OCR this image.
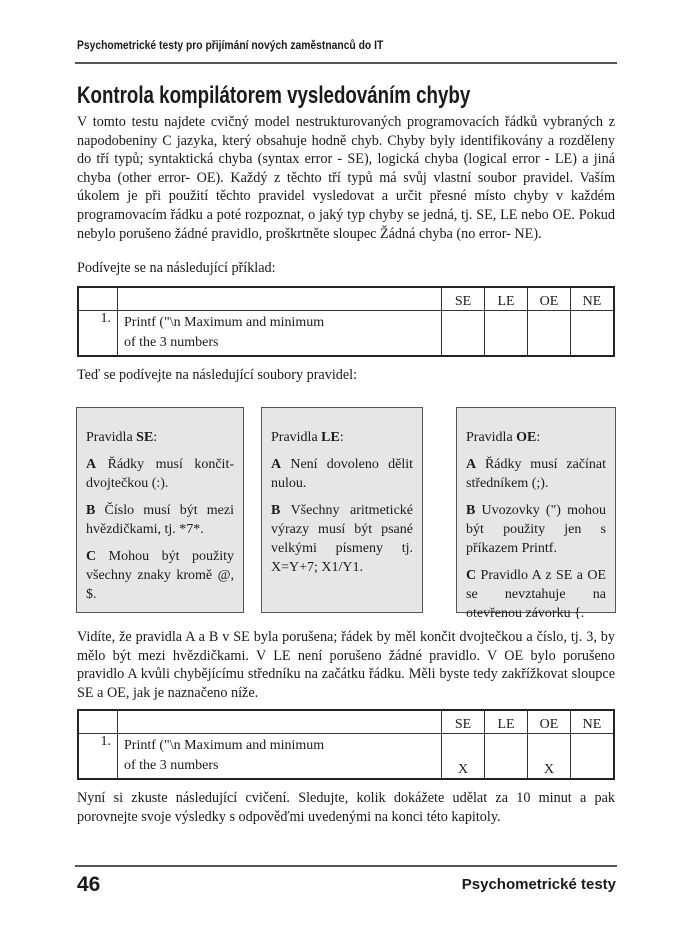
Psychometrické testy pro přijímání nových zaměstnanců do IT
Kontrola kompilátorem vysledováním chyby
V tomto testu najdete cvičný model nestrukturovaných programovacích řádků vybraných z napodobeniny C jazyka, který obsahuje hodně chyb. Chyby byly identifikovány a rozděleny do tří typů; syntaktická chyba (syntax error - SE), logická chyba (logical error - LE) a jiná chyba (other error- OE). Každý z těchto tří typů má svůj vlastní soubor pravidel. Vaším úkolem je při použití těchto pravidel vysledovat a určit přesné místo chyby v každém programovacím řádku a poté rozpoznat, o jaký typ chyby se jedná, tj. SE, LE nebo OE. Pokud nebylo porušeno žádné pravidlo, proškrtněte sloupec Žádná chyba (no error- NE).
Podívejte se na následující příklad:
		SE	LE	OE	NE
1.	Printf ("\n Maximum and minimum
of the 3 numbers				
Teď se podívejte na následující soubory pravidel:

Pravidla SE:

A Řádky musí končit-dvojtečkou (:).

B Číslo musí být mezi hvězdičkami, tj. *7*.

C Mohou být použity všechny znaky kromě @, $.

Pravidla LE:

A Není dovoleno dělit nulou.

B Všechny aritmetické výrazy musí být psané velkými písmeny tj. X=Y+7; X1/Y1.

Pravidla OE:

A Řádky musí začínat středníkem (;).

B Uvozovky (") mohou být použity jen s příkazem Printf.

C Pravidlo A z SE a OE se nevztahuje na otevřenou závorku {.

Vidíte, že pravidla A a B v SE byla porušena; řádek by měl končit dvojtečkou a číslo, tj. 3, by mělo být mezi hvězdičkami. V LE není porušeno žádné pravidlo. V OE bylo porušeno pravidlo A kvůli chybějícímu středníku na začátku řádku. Měli byste tedy zakřížkovat sloupce SE a OE, jak je naznačeno níže.
		SE	LE	OE	NE
1.	Printf ("\n Maximum and minimum
of the 3 numbers	X		X	
Nyní si zkuste následující cvičení. Sledujte, kolik dokážete udělat za 10 minut a pak porovnejte svoje výsledky s odpověďmi uvedenými na konci této kapitoly.
46	Psychometrické testy
